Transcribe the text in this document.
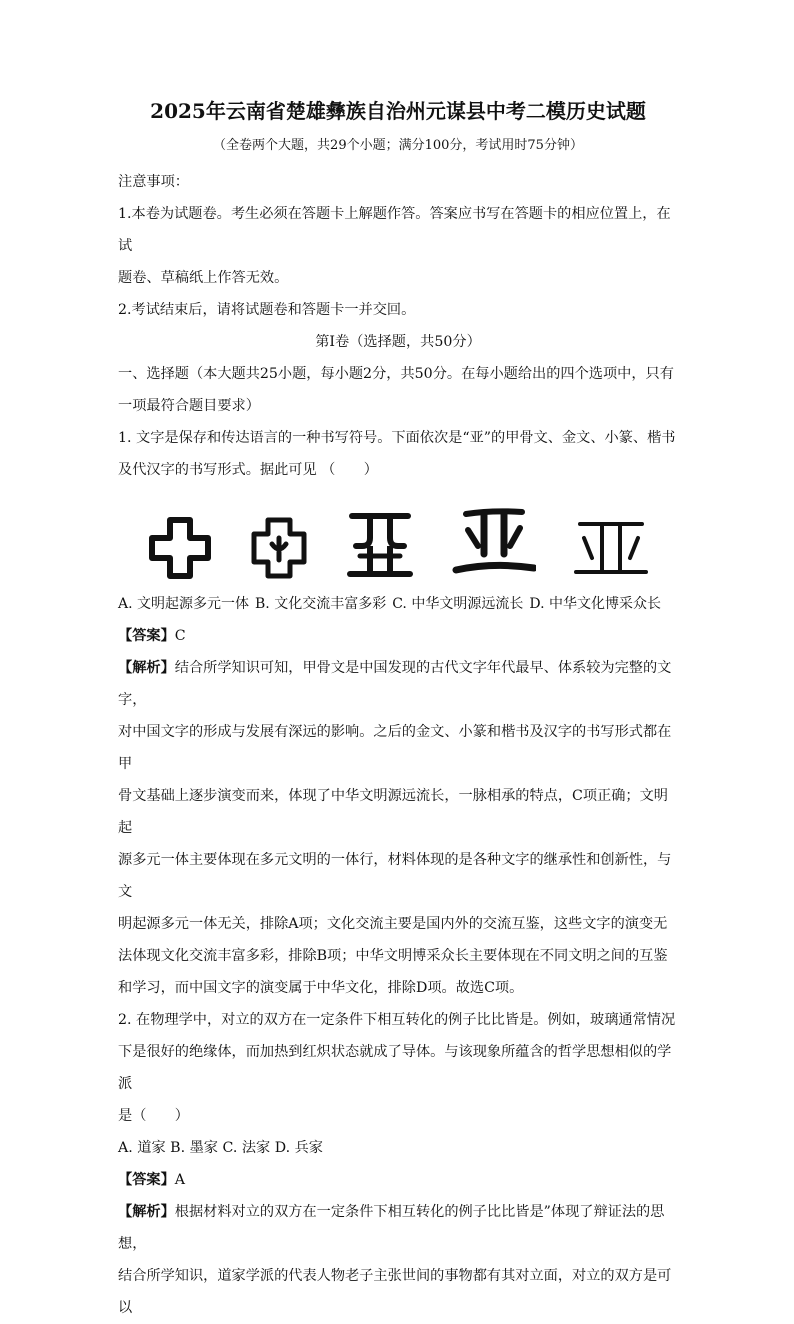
2025年云南省楚雄彝族自治州元谋县中考二模历史试题

（全卷两个大题，共29个小题；满分100分，考试用时75分钟）

注意事项：

1.本卷为试题卷。考生必须在答题卡上解题作答。答案应书写在答题卡的相应位置上，在试

题卷、草稿纸上作答无效。

2.考试结束后，请将试题卷和答题卡一并交回。

第Ⅰ卷（选择题，共50分）

一、选择题（本大题共25小题，每小题2分，共50分。在每小题给出的四个选项中，只有

一项最符合题目要求）

1. 文字是保存和传达语言的一种书写符号。下面依次是“亚”的甲骨文、金文、小篆、楷书

及代汉字的书写形式。据此可见 （　　）

A. 文明起源多元一体 B. 文化交流丰富多彩 C. 中华文明源远流长 D. 中华文化博采众长

【答案】C

【解析】结合所学知识可知，甲骨文是中国发现的古代文字年代最早、体系较为完整的文字，

对中国文字的形成与发展有深远的影响。之后的金文、小篆和楷书及汉字的书写形式都在甲

骨文基础上逐步演变而来，体现了中华文明源远流长，一脉相承的特点，C项正确；文明起

源多元一体主要体现在多元文明的一体行，材料体现的是各种文字的继承性和创新性，与文

明起源多元一体无关，排除A项；文化交流主要是国内外的交流互鉴，这些文字的演变无

法体现文化交流丰富多彩，排除B项；中华文明博采众长主要体现在不同文明之间的互鉴

和学习，而中国文字的演变属于中华文化，排除D项。故选C项。

2. 在物理学中，对立的双方在一定条件下相互转化的例子比比皆是。例如，玻璃通常情况

下是很好的绝缘体，而加热到红炽状态就成了导体。与该现象所蕴含的哲学思想相似的学派

是（　　）

A. 道家 B. 墨家 C. 法家 D. 兵家

【答案】A

【解析】根据材料对立的双方在一定条件下相互转化的例子比比皆是”体现了辩证法的思想，

结合所学知识，道家学派的代表人物老子主张世间的事物都有其对立面，对立的双方是可以
